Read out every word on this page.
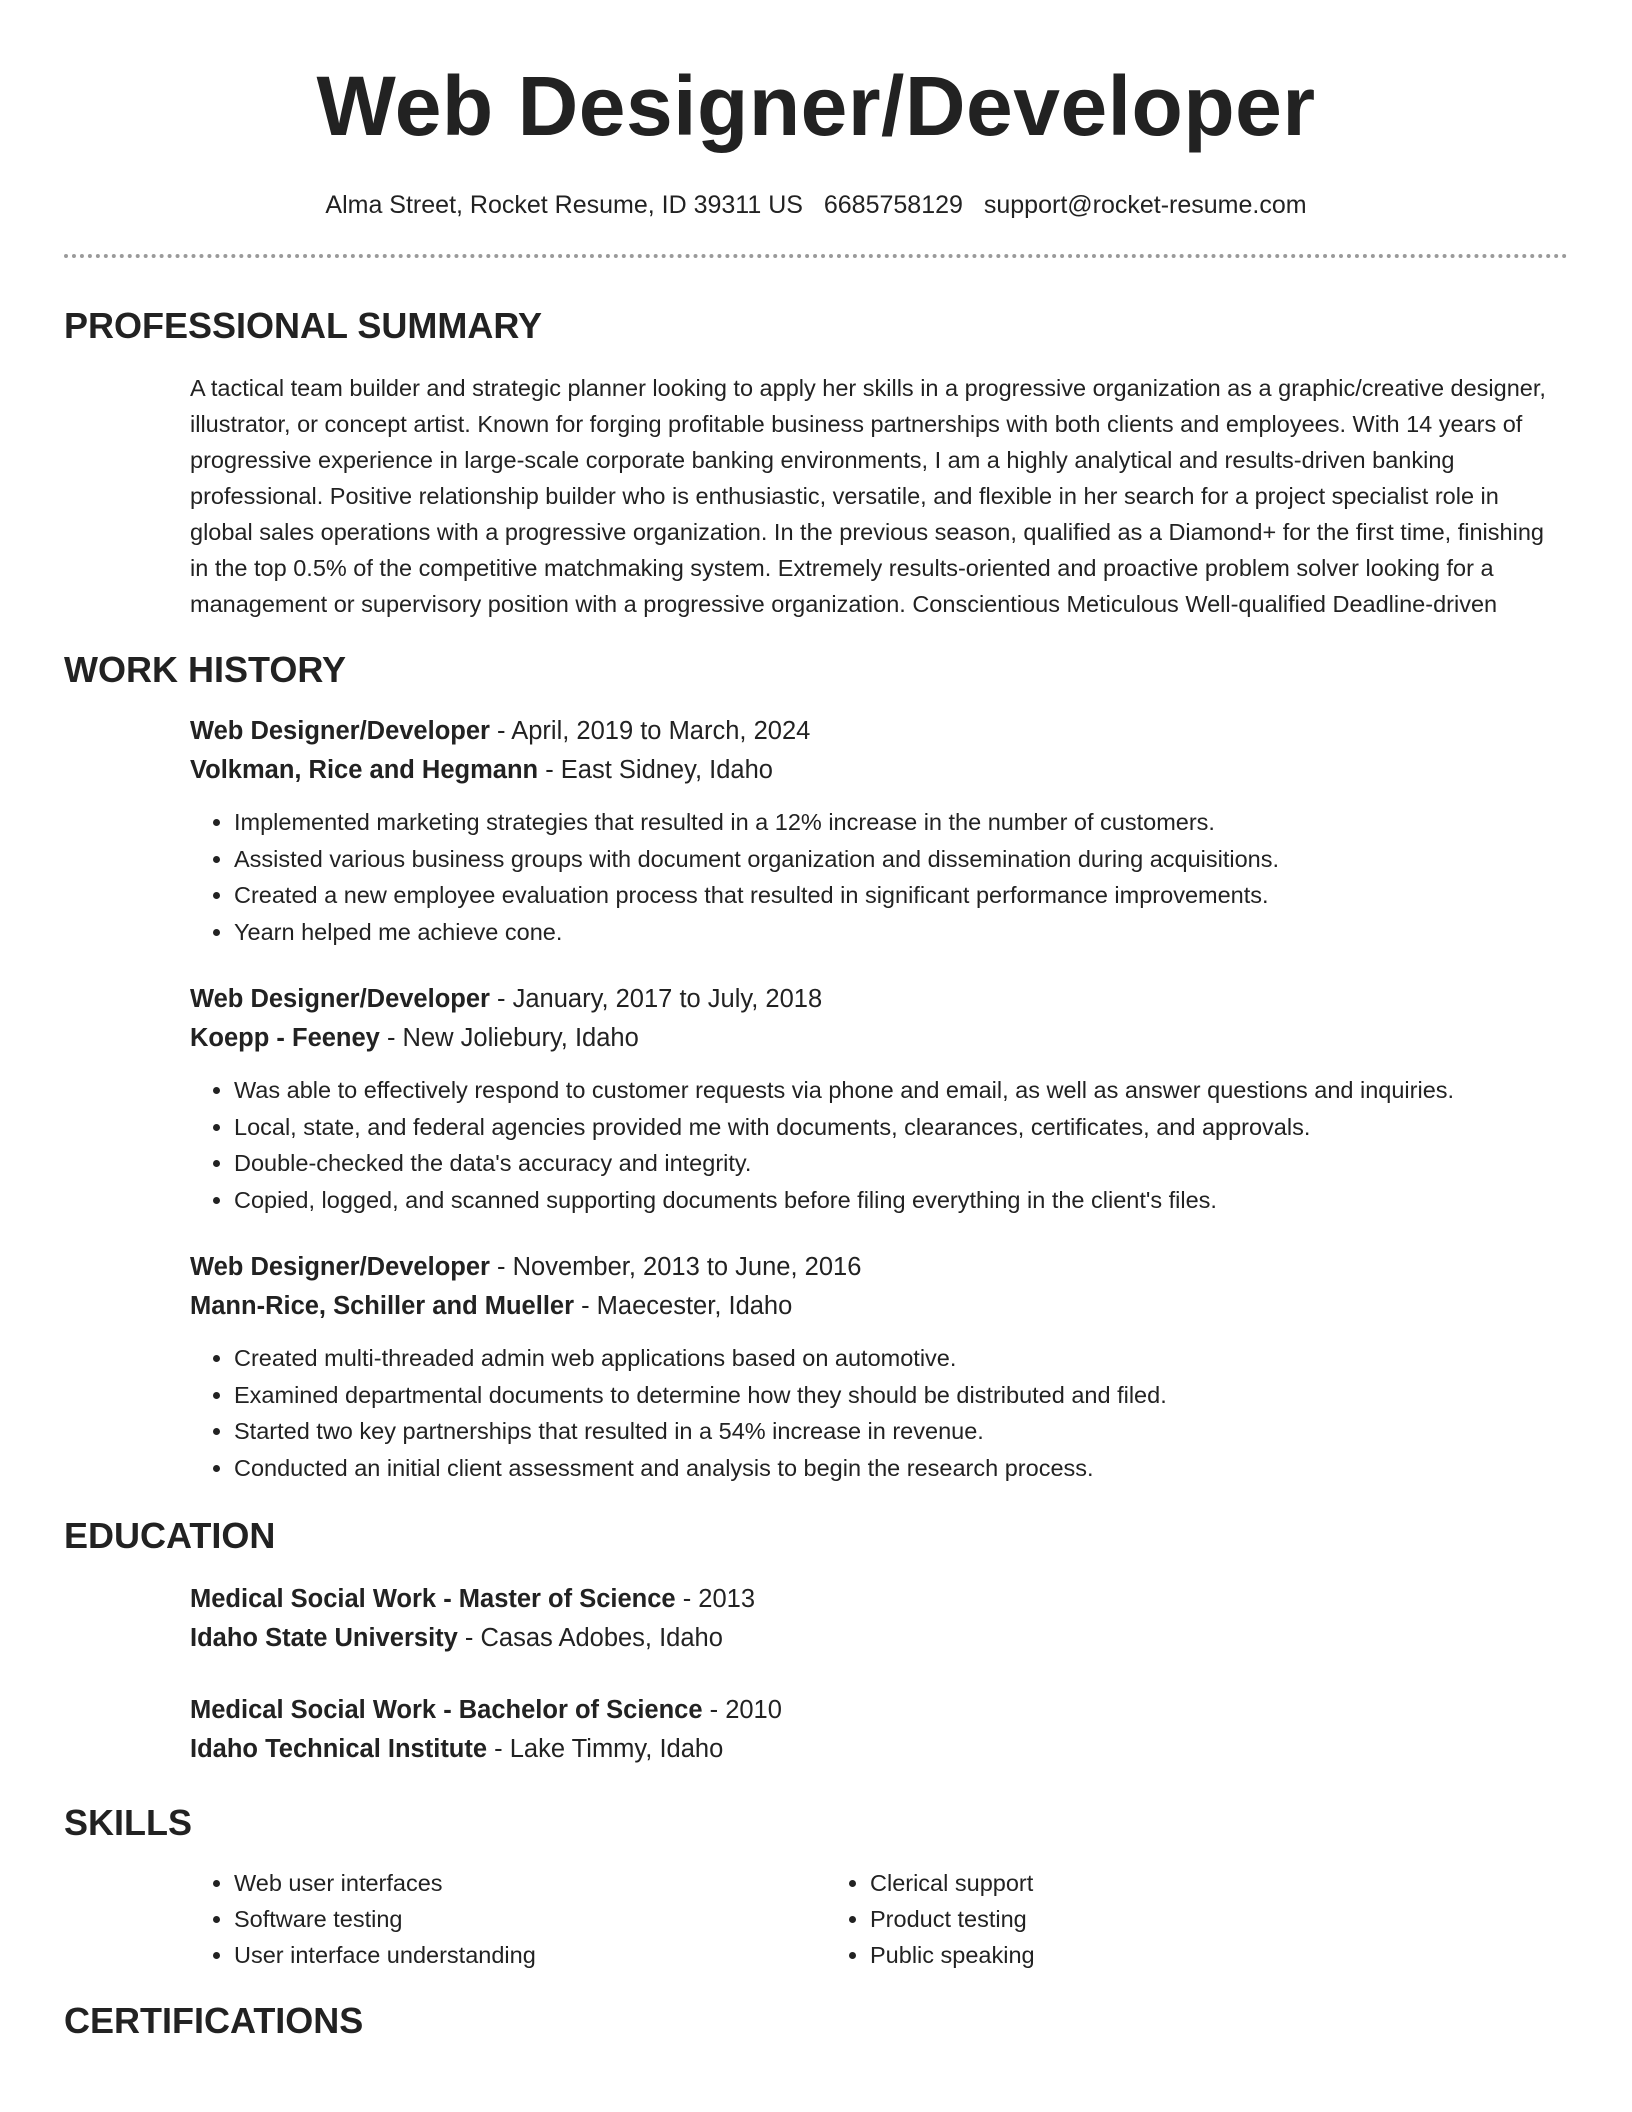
Web Designer/Developer
Alma Street, Rocket Resume, ID 39311 US 6685758129 support@rocket-resume.com
PROFESSIONAL SUMMARY

A tactical team builder and strategic planner looking to apply her skills in a progressive organization as a graphic/creative designer, illustrator, or concept artist. Known for forging profitable business partnerships with both clients and employees. With 14 years of progressive experience in large-scale corporate banking environments, I am a highly analytical and results-driven banking professional. Positive relationship builder who is enthusiastic, versatile, and flexible in her search for a project specialist role in global sales operations with a progressive organization. In the previous season, qualified as a Diamond+ for the first time, finishing in the top 0.5% of the competitive matchmaking system. Extremely results-oriented and proactive problem solver looking for a management or supervisory position with a progressive organization. Conscientious Meticulous Well-qualified Deadline-driven

WORK HISTORY
Web Designer/Developer - April, 2019 to March, 2024
Volkman, Rice and Hegmann - East Sidney, Idaho
• Implemented marketing strategies that resulted in a 12% increase in the number of customers.
• Assisted various business groups with document organization and dissemination during acquisitions.
• Created a new employee evaluation process that resulted in significant performance improvements.
• Yearn helped me achieve cone.
Web Designer/Developer - January, 2017 to July, 2018
Koepp - Feeney - New Joliebury, Idaho
• Was able to effectively respond to customer requests via phone and email, as well as answer questions and inquiries.
• Local, state, and federal agencies provided me with documents, clearances, certificates, and approvals.
• Double-checked the data's accuracy and integrity.
• Copied, logged, and scanned supporting documents before filing everything in the client's files.
Web Designer/Developer - November, 2013 to June, 2016
Mann-Rice, Schiller and Mueller - Maecester, Idaho
• Created multi-threaded admin web applications based on automotive.
• Examined departmental documents to determine how they should be distributed and filed.
• Started two key partnerships that resulted in a 54% increase in revenue.
• Conducted an initial client assessment and analysis to begin the research process.
EDUCATION
Medical Social Work - Master of Science - 2013
Idaho State University - Casas Adobes, Idaho
Medical Social Work - Bachelor of Science - 2010
Idaho Technical Institute - Lake Timmy, Idaho
SKILLS
• Web user interfaces
• Software testing
• User interface understanding
• Clerical support
• Product testing
• Public speaking
CERTIFICATIONS
